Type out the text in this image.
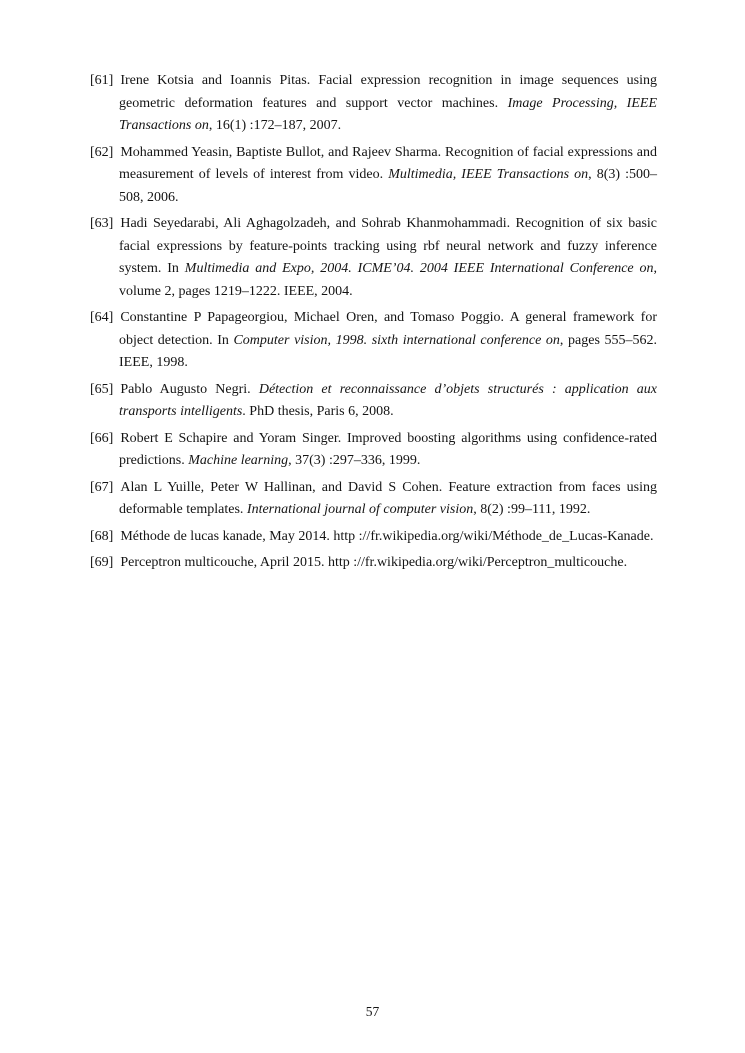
[61] Irene Kotsia and Ioannis Pitas. Facial expression recognition in image sequences using geometric deformation features and support vector machines. Image Processing, IEEE Transactions on, 16(1) :172–187, 2007.

[62] Mohammed Yeasin, Baptiste Bullot, and Rajeev Sharma. Recognition of facial expressions and measurement of levels of interest from video. Multimedia, IEEE Transactions on, 8(3) :500–508, 2006.

[63] Hadi Seyedarabi, Ali Aghagolzadeh, and Sohrab Khanmohammadi. Recognition of six basic facial expressions by feature-points tracking using rbf neural network and fuzzy inference system. In Multimedia and Expo, 2004. ICME’04. 2004 IEEE International Conference on, volume 2, pages 1219–1222. IEEE, 2004.

[64] Constantine P Papageorgiou, Michael Oren, and Tomaso Poggio. A general framework for object detection. In Computer vision, 1998. sixth international conference on, pages 555–562. IEEE, 1998.

[65] Pablo Augusto Negri. Détection et reconnaissance d’objets structurés : application aux transports intelligents. PhD thesis, Paris 6, 2008.

[66] Robert E Schapire and Yoram Singer. Improved boosting algorithms using confidence-rated predictions. Machine learning, 37(3) :297–336, 1999.

[67] Alan L Yuille, Peter W Hallinan, and David S Cohen. Feature extraction from faces using deformable templates. International journal of computer vision, 8(2) :99–111, 1992.

[68] Méthode de lucas kanade, May 2014. http ://fr.wikipedia.org/wiki/Méthode_de_Lucas-Kanade.

[69] Perceptron multicouche, April 2015. http ://fr.wikipedia.org/wiki/Perceptron_multicouche.

57
